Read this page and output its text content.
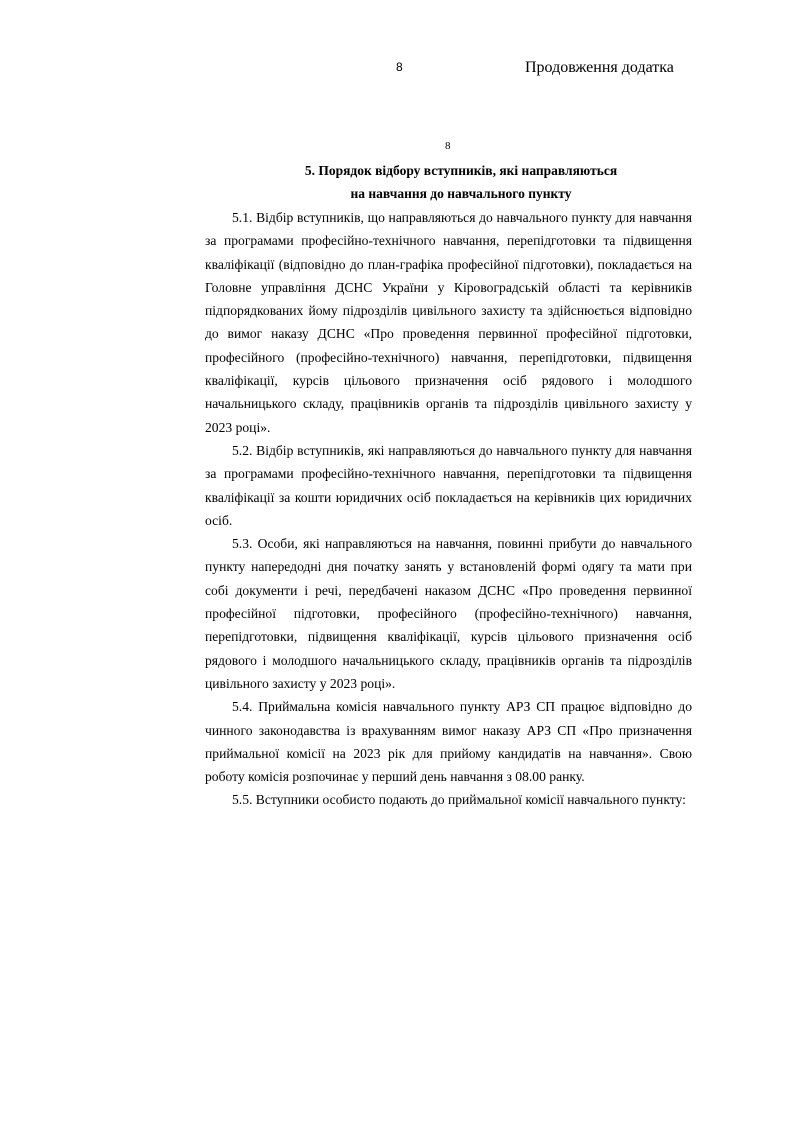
8	Продовження додатка
8
5. Порядок відбору вступників, які направляються
на навчання до навчального пункту

5.1. Відбір вступників, що направляються до навчального пункту для навчання за програмами професійно-технічного навчання, перепідготовки та підвищення кваліфікації (відповідно до план-графіка професійної підготовки), покладається на Головне управління ДСНС України у Кіровоградській області та керівників підпорядкованих йому підрозділів цивільного захисту та здійснюється відповідно до вимог наказу ДСНС «Про проведення первинної професійної підготовки, професійного (професійно-технічного) навчання, перепідготовки, підвищення кваліфікації, курсів цільового призначення осіб рядового і молодшого начальницького складу, працівників органів та підрозділів цивільного захисту у 2023 році».

5.2. Відбір вступників, які направляються до навчального пункту для навчання за програмами професійно-технічного навчання, перепідготовки та підвищення кваліфікації за кошти юридичних осіб покладається на керівників цих юридичних осіб.

5.3. Особи, які направляються на навчання, повинні прибути до навчального пункту напередодні дня початку занять у встановленій формі одягу та мати при собі документи і речі, передбачені наказом ДСНС «Про проведення первинної професійної підготовки, професійного (професійно-технічного) навчання, перепідготовки, підвищення кваліфікації, курсів цільового призначення осіб рядового і молодшого начальницького складу, працівників органів та підрозділів цивільного захисту у 2023 році».

5.4. Приймальна комісія навчального пункту АРЗ СП працює відповідно до чинного законодавства із врахуванням вимог наказу АРЗ СП «Про призначення приймальної комісії на 2023 рік для прийому кандидатів на навчання». Свою роботу комісія розпочинає у перший день навчання з 08.00 ранку.

5.5. Вступники особисто подають до приймальної комісії навчального пункту:
